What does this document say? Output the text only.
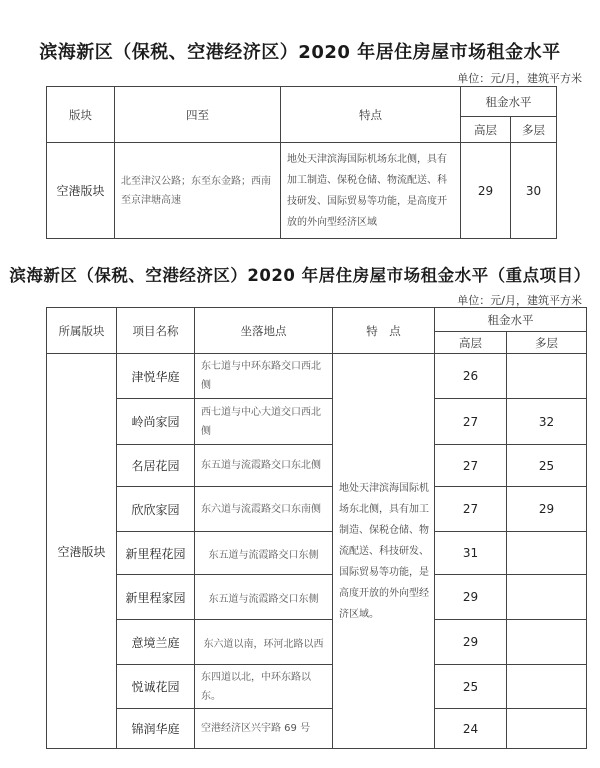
滨海新区（保税、空港经济区）2020 年居住房屋市场租金水平
单位：元/月，建筑平方米
版块	四至	特点	租金水平	
			高层	多层
空港版块	北至津汉公路；东至东金路；西南至京津塘高速	地处天津滨海国际机场东北侧，具有加工制造、保税仓储、物流配送、科技研发、国际贸易等功能，是高度开放的外向型经济区域	29	30
滨海新区（保税、空港经济区）2020 年居住房屋市场租金水平（重点项目）
单位：元/月，建筑平方米
所属版块	项目名称	坐落地点	特　点	租金水平	
				高层	多层
空港版块	津悦华庭	东七道与中环东路交口西北侧	地处天津滨海国际机场东北侧，具有加工制造、保税仓储、物流配送、科技研发、国际贸易等功能，是高度开放的外向型经济区域。	26	
	岭尚家园	西七道与中心大道交口西北侧		27	32
	名居花园	东五道与流霞路交口东北侧		27	25
	欣欣家园	东六道与流霞路交口东南侧		27	29
	新里程花园	东五道与流霞路交口东侧		31	
	新里程家园	东五道与流霞路交口东侧		29	
	意境兰庭	东六道以南，环河北路以西		29	
	悦诚花园	东四道以北，中环东路以东。		25	
	锦润华庭	空港经济区兴宇路 69 号		24	
